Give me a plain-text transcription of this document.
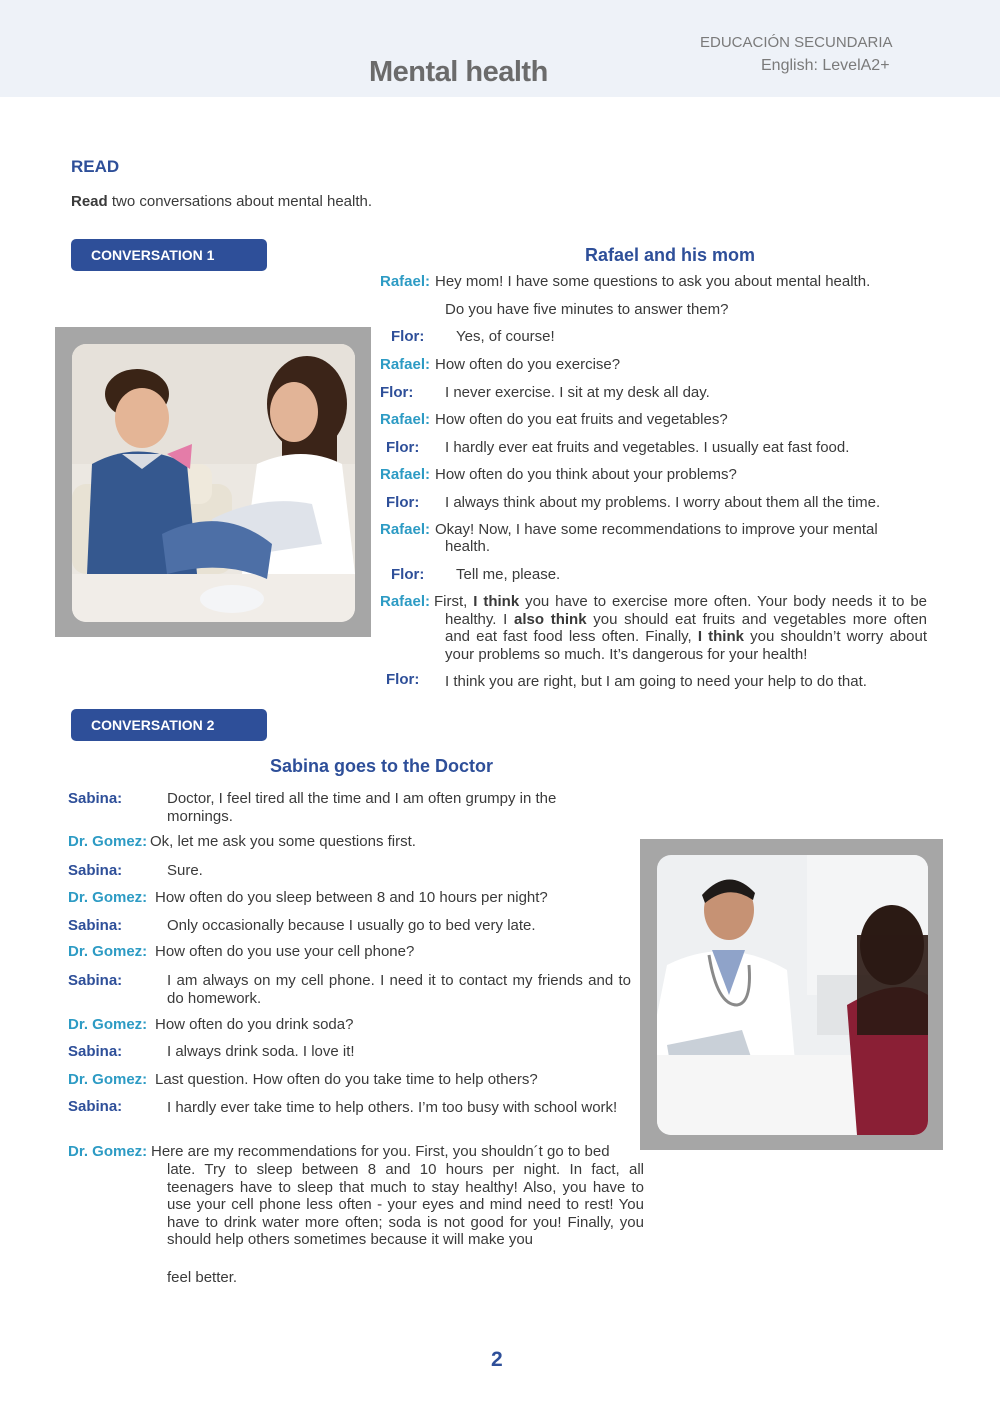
Mental health
EDUCACIÓN SECUNDARIA
English: LevelA2+
READ
Read two conversations about mental health.
CONVERSATION 1	Rafael and his mom
Rafael: Hey mom! I have some questions to ask you about mental health.
Do you have five minutes to answer them?
Flor: Yes, of course!
Rafael: How often do you exercise?
Flor: I never exercise. I sit at my desk all day.
Rafael: How often do you eat fruits and vegetables?
Flor: I hardly ever eat fruits and vegetables. I usually eat fast food.
Rafael: How often do you think about your problems?
Flor: I always think about my problems. I worry about them all the time.
Rafael: Okay! Now, I have some recommendations to improve your mental
health.
Flor: Tell me, please.
Rafael: First, I think you have to exercise more often. Your body needs it to be healthy. I also think you should eat fruits and vegetables more often and eat fast food less often. Finally, I think you shouldn’t worry about your problems so much. It’s dangerous for your health!
Flor: I think you are right, but I am going to need your help to do that.
CONVERSATION 2
Sabina goes to the Doctor
Sabina:	Doctor, I feel tired all the time and I am often grumpy in the mornings.
Dr. Gomez: Ok, let me ask you some questions first.
Sabina:	Sure.
Dr. Gomez: How often do you sleep between 8 and 10 hours per night?
Sabina:	Only occasionally because I usually go to bed very late.
Dr. Gomez: How often do you use your cell phone?
Sabina:	I am always on my cell phone. I need it to contact my friends and to do homework.
Dr. Gomez: How often do you drink soda?
Sabina:	I always drink soda. I love it!
Dr. Gomez: Last question. How often do you take time to help others?
Sabina:	I hardly ever take time to help others. I’m too busy with school work!
Dr. Gomez: Here are my recommendations for you. First, you shouldn´t go to bed
late. Try to sleep between 8 and 10 hours per night. In fact, all teenagers have to sleep that much to stay healthy! Also, you have to use your cell phone less often - your eyes and mind need to rest! You have to drink water more often; soda is not good for you! Finally, you should help others sometimes because it will make you
feel better.
2
